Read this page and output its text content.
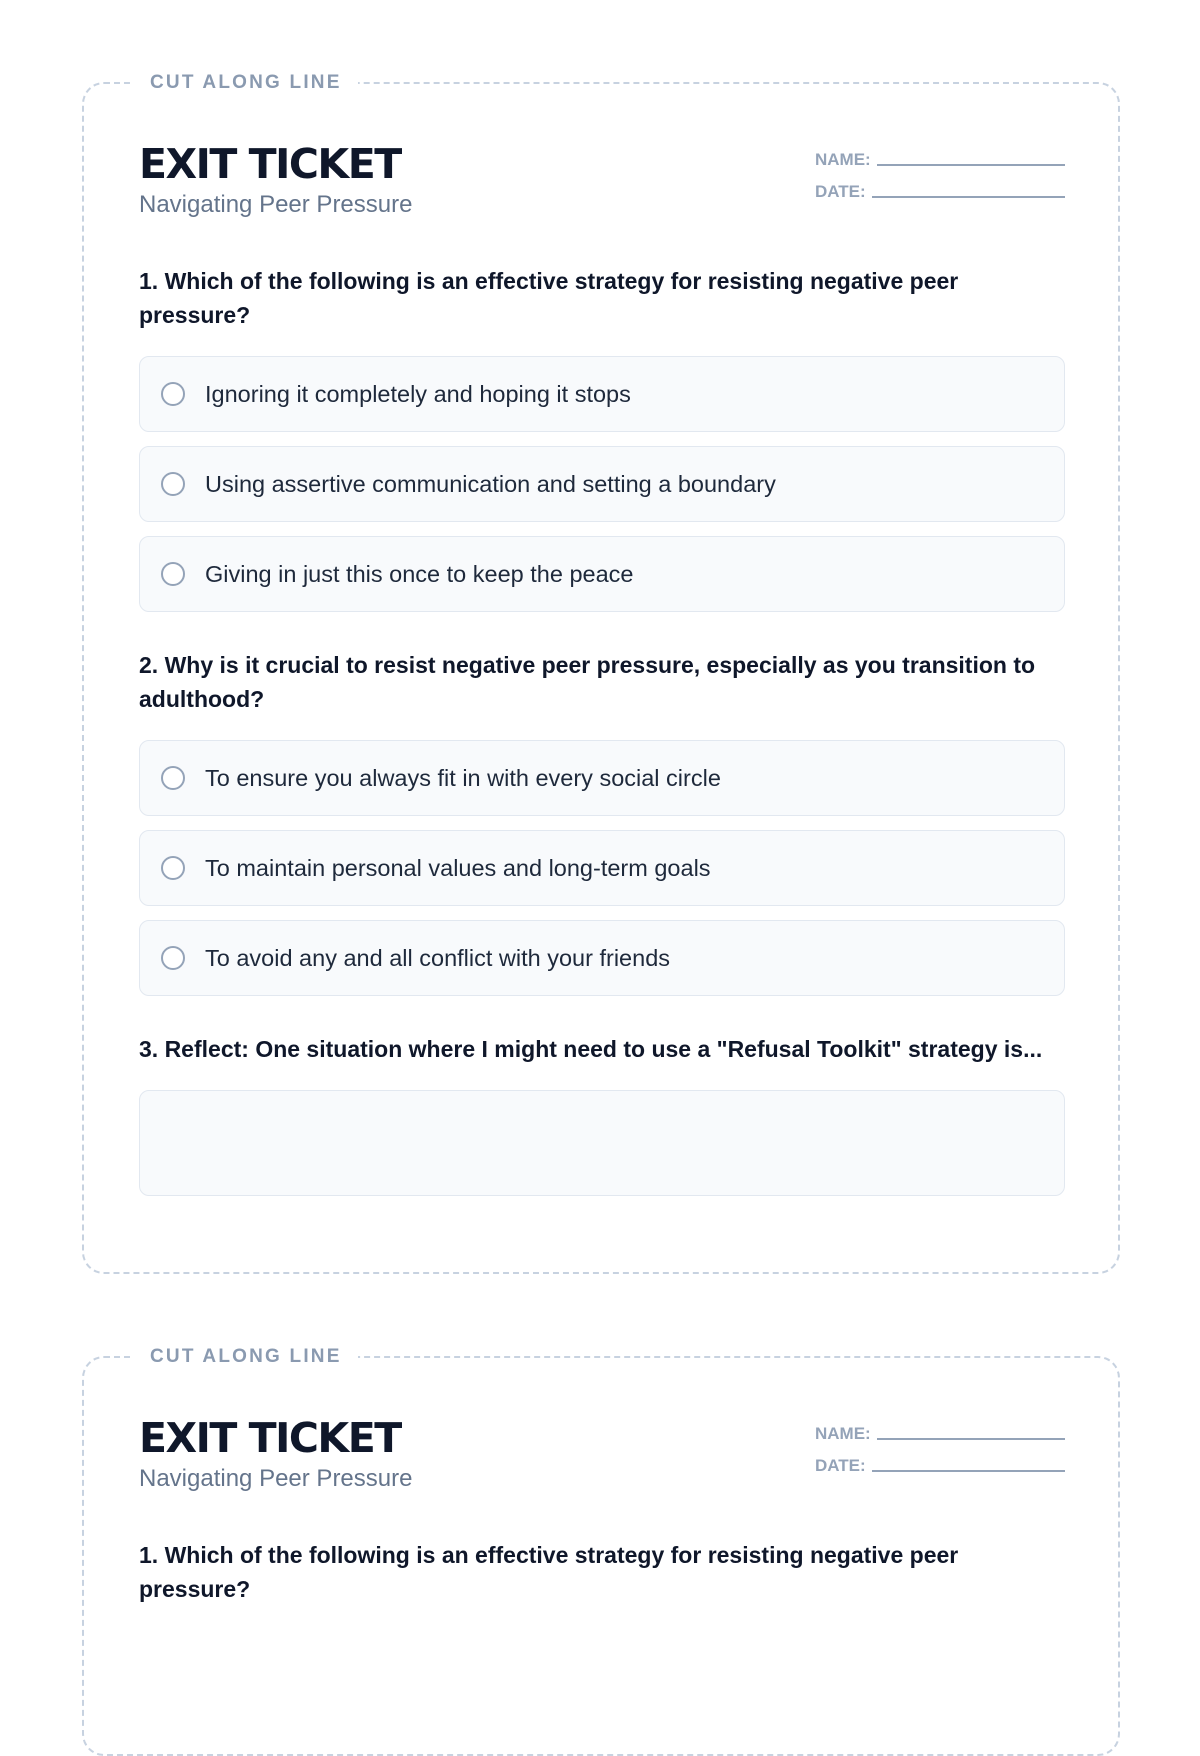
CUT ALONG LINE
EXIT TICKET
Navigating Peer Pressure
NAME:
DATE:

1. Which of the following is an effective strategy for resisting negative peer pressure?

Ignoring it completely and hoping it stops
Using assertive communication and setting a boundary
Giving in just this once to keep the peace

2. Why is it crucial to resist negative peer pressure, especially as you transition to adulthood?

To ensure you always fit in with every social circle
To maintain personal values and long-term goals
To avoid any and all conflict with your friends

3. Reflect: One situation where I might need to use a "Refusal Toolkit" strategy is...

CUT ALONG LINE
EXIT TICKET
Navigating Peer Pressure
NAME:
DATE:

1. Which of the following is an effective strategy for resisting negative peer pressure?
